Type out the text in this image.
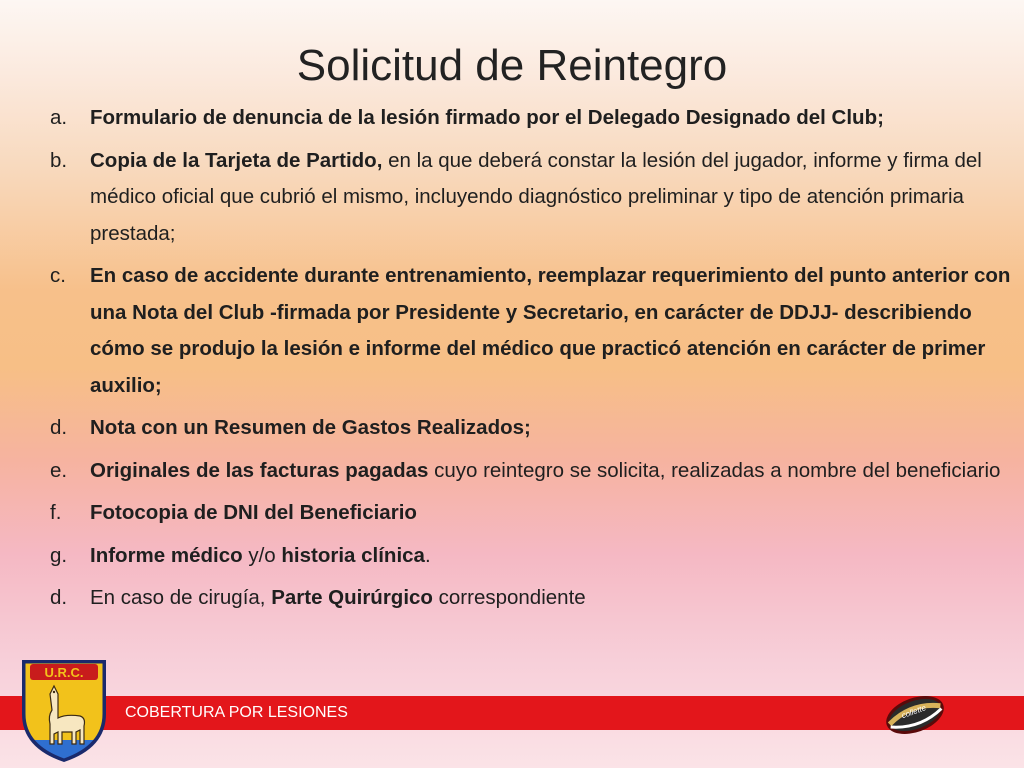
Solicitud de Reintegro
a.	Formulario de denuncia de la lesión firmado por el Delegado Designado del Club;
b.	Copia de la Tarjeta de Partido, en la que deberá constar la lesión del jugador, informe y firma del médico oficial que cubrió el mismo, incluyendo diagnóstico preliminar y tipo de atención primaria prestada;
c.	En caso de accidente durante entrenamiento, reemplazar requerimiento del punto anterior con una Nota del Club -firmada por Presidente y Secretario, en carácter de DDJJ- describiendo cómo se produjo la lesión e informe del médico que practicó atención en carácter de primer auxilio;
d.	Nota con un Resumen de Gastos Realizados;
e.	Originales de las facturas pagadas cuyo reintegro se solicita, realizadas a nombre del beneficiario
f.	Fotocopia de DNI del Beneficiario
g.	Informe médico y/o historia clínica.
d.	En caso de cirugía, Parte Quirúrgico correspondiente
COBERTURA POR LESIONES
U.R.C.
collette
